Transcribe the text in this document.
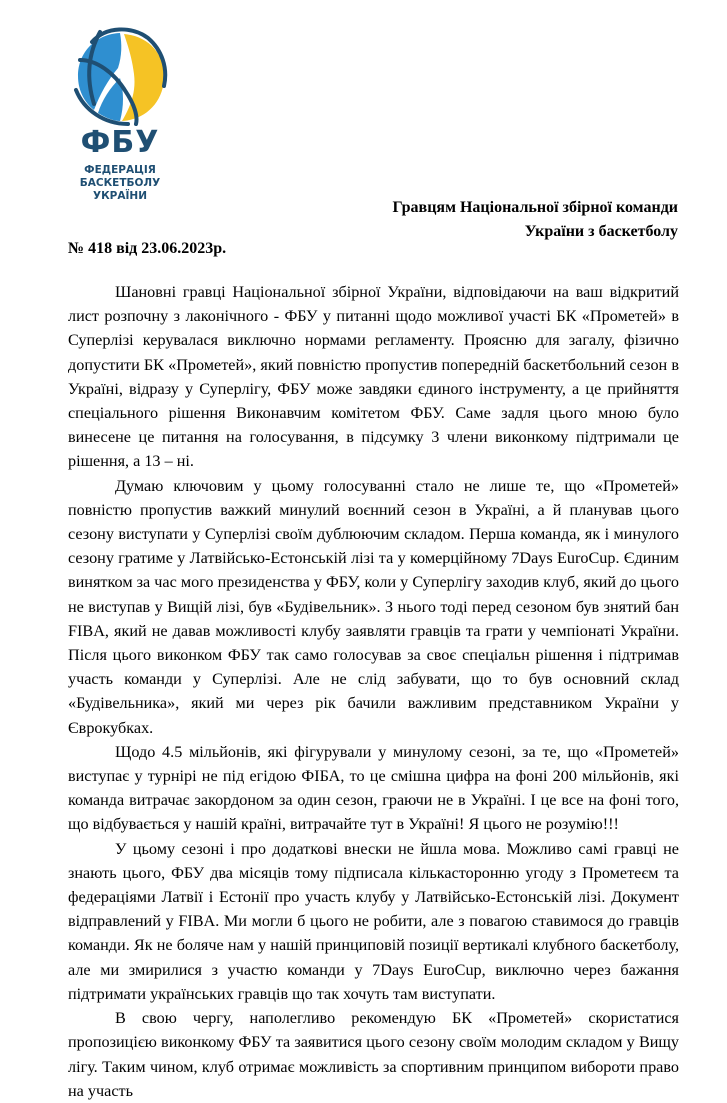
ФБУ
ФЕДЕРАЦІЯ
БАСКЕТБОЛУ
УКРАЇНИ
Гравцям Національної збірної команди
України з баскетболу
№ 418 від 23.06.2023р.

Шановні гравці Національної збірної України, відповідаючи на ваш відкритий лист розпочну з лаконічного - ФБУ у питанні щодо можливої участі БК «Прометей» в Суперлізі керувалася виключно нормами регламенту. Проясню для загалу, фізично допустити БК «Прометей», який повністю пропустив попередній баскетбольний сезон в Україні, відразу у Суперлігу, ФБУ може завдяки єдиного інструменту, а це прийняття спеціального рішення Виконавчим комітетом ФБУ. Саме задля цього мною було винесене це питання на голосування, в підсумку 3 члени виконкому підтримали це рішення, а 13 – ні.

Думаю ключовим у цьому голосуванні стало не лише те, що «Прометей» повністю пропустив важкий минулий воєнний сезон в Україні, а й планував цього сезону виступати у Суперлізі своїм дублюючим складом. Перша команда, як і минулого сезону гратиме у Латвійсько-Естонській лізі та у комерційному 7Days EuroCup. Єдиним винятком за час мого президенства у ФБУ, коли у Суперлігу заходив клуб, який до цього не виступав у Вищій лізі, був «Будівельник». З нього тоді перед сезоном був знятий бан FIBA, який не давав можливості клубу заявляти гравців та грати у чемпіонаті України. Після цього виконком ФБУ так само голосував за своє спеціальн рішення і підтримав участь команди у Суперлізі. Але не слід забувати, що то був основний склад «Будівельника», який ми через рік бачили важливим представником України у Єврокубках.

Щодо 4.5 мільйонів, які фігурували у минулому сезоні, за те, що «Прометей» виступає у турнірі не під егідою ФІБА, то це смішна цифра на фоні 200 мільйонів, які команда витрачає закордоном за один сезон, граючи не в Україні. І це все на фоні того, що відбувається у нашій країні, витрачайте тут в Україні! Я цього не розумію!!!

У цьому сезоні і про додаткові внески не йшла мова. Можливо самі гравці не знають цього, ФБУ два місяців тому підписала кількасторонню угоду з Прометеєм та федераціями Латвії і Естонії про участь клубу у Латвійсько-Естонській лізі. Документ відправлений у FIBA. Ми могли б цього не робити, але з повагою ставимося до гравців команди. Як не боляче нам у нашій принциповій позиції вертикалі клубного баскетболу, але ми змирилися з участю команди у 7Days EuroCup, виключно через бажання підтримати українських гравців що так хочуть там виступати.

В свою чергу, наполегливо рекомендую БК «Прометей» скористатися пропозицією виконкому ФБУ та заявитися цього сезону своїм молодим складом у Вищу лігу. Таким чином, клуб отримає можливість за спортивним принципом вибороти право на участь
